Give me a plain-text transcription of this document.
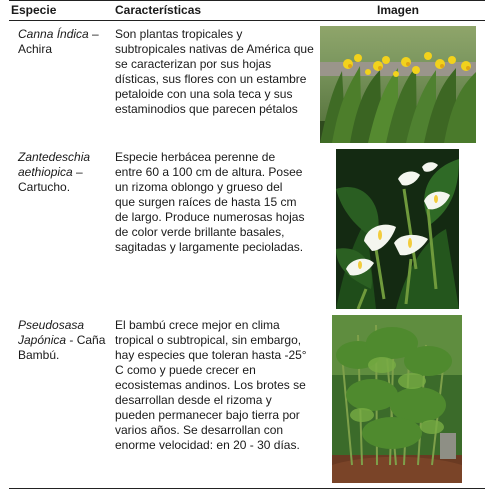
Especie	Características	Imagen
Canna Índica – Achira
Son plantas tropicales y subtropicales nativas de América que se caracterizan por sus hojas dísticas, sus flores con un estambre petaloide con una sola teca y sus estaminodios que parecen pétalos
Zantedeschia aethiopica – Cartucho.
Especie herbácea perenne de entre 60 a 100 cm de altura. Posee un rizoma oblongo y grueso del que surgen raíces de hasta 15 cm de largo. Produce numerosas hojas de color verde brillante basales, sagitadas y largamente pecioladas.
Pseudosasa Japónica - Caña Bambú.
El bambú crece mejor en clima tropical o subtropical, sin embargo, hay especies que toleran hasta -25° C como y puede crecer en ecosistemas andinos. Los brotes se desarrollan desde el rizoma y pueden permanecer bajo tierra por varios años. Se desarrollan con enorme velocidad: en 20 - 30 días.
